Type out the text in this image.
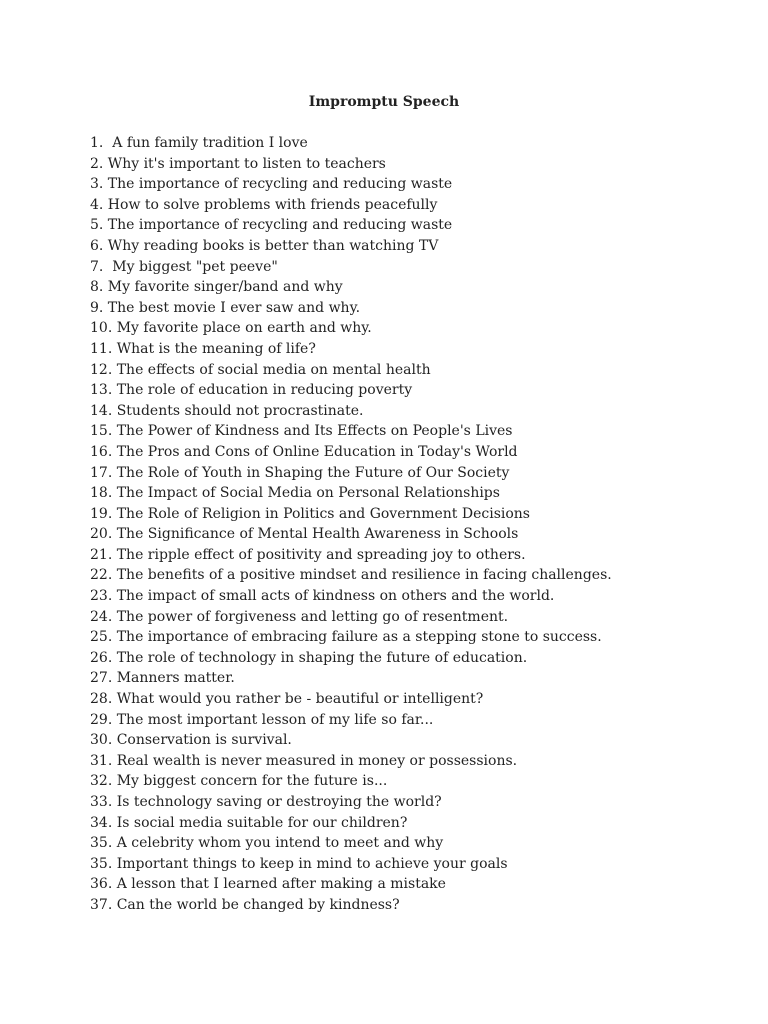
Impromptu Speech
1.  A fun family tradition I love
2. Why it's important to listen to teachers
3. The importance of recycling and reducing waste
4. How to solve problems with friends peacefully
5. The importance of recycling and reducing waste
6. Why reading books is better than watching TV
7.  My biggest "pet peeve"
8. My favorite singer/band and why
9. The best movie I ever saw and why.
10. My favorite place on earth and why.
11. What is the meaning of life?
12. The effects of social media on mental health
13. The role of education in reducing poverty
14. Students should not procrastinate.
15. The Power of Kindness and Its Effects on People's Lives
16. The Pros and Cons of Online Education in Today's World
17. The Role of Youth in Shaping the Future of Our Society
18. The Impact of Social Media on Personal Relationships
19. The Role of Religion in Politics and Government Decisions
20. The Significance of Mental Health Awareness in Schools
21. The ripple effect of positivity and spreading joy to others.
22. The benefits of a positive mindset and resilience in facing challenges.
23. The impact of small acts of kindness on others and the world.
24. The power of forgiveness and letting go of resentment.
25. The importance of embracing failure as a stepping stone to success.
26. The role of technology in shaping the future of education.
27. Manners matter.
28. What would you rather be - beautiful or intelligent?
29. The most important lesson of my life so far...
30. Conservation is survival.
31. Real wealth is never measured in money or possessions.
32. My biggest concern for the future is...
33. Is technology saving or destroying the world?
34. Is social media suitable for our children?
35. A celebrity whom you intend to meet and why
35. Important things to keep in mind to achieve your goals
36. A lesson that I learned after making a mistake
37. Can the world be changed by kindness?
